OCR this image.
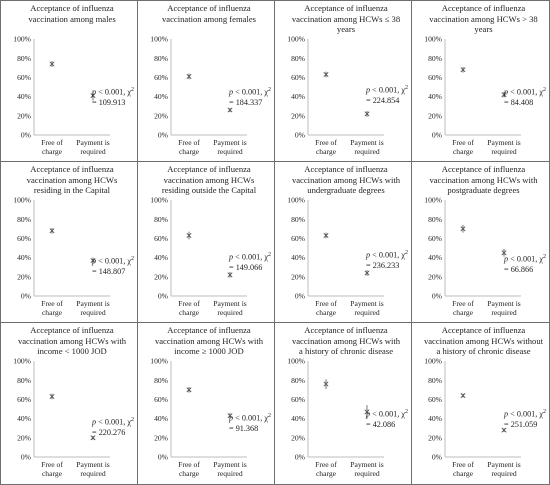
Acceptance of influenza
vaccination among males
0%
20%
40%
60%
80%
100%
Free of
charge
Payment is
required
p < 0.001, $\chi^2$
= 109.913
Acceptance of influenza
vaccination among females
0%
20%
40%
60%
80%
100%
Free of
charge
Payment is
required
p < 0.001, $\chi^2$
= 184.337
Acceptance of influenza
vaccination among HCWs ≤ 38
years
0%
20%
40%
60%
80%
100%
Free of
charge
Payment is
required
p < 0.001, $\chi^2$
= 224.854
Acceptance of influenza
vaccination among HCWs > 38
years
0%
20%
40%
60%
80%
100%
Free of
charge
Payment is
required
p < 0.001, $\chi^2$
= 84.408
Acceptance of influenza
vaccination among HCWs
residing in the Capital
0%
20%
40%
60%
80%
100%
Free of
charge
Payment is
required
p < 0.001, $\chi^2$
= 148.807
Acceptance of influenza
vaccination among HCWs
residing outside the Capital
0%
20%
40%
60%
80%
100%
Free of
charge
Payment is
required
p < 0.001, $\chi^2$
= 149.066
Acceptance of influenza
vaccination among HCWs with
undergraduate degrees
0%
20%
40%
60%
80%
100%
Free of
charge
Payment is
required
p < 0.001, $\chi^2$
= 236.233
Acceptance of influenza
vaccination among HCWs with
postgraduate degrees
0%
20%
40%
60%
80%
100%
Free of
charge
Payment is
required
p < 0.001, $\chi^2$
= 66.866
Acceptance of influenza
vaccination among HCWs with
income < 1000 JOD
0%
20%
40%
60%
80%
100%
Free of
charge
Payment is
required
p < 0.001, $\chi^2$
= 220.276
Acceptance of influenza
vaccination among HCWs with
income ≥ 1000 JOD
0%
20%
40%
60%
80%
100%
Free of
charge
Payment is
required
p < 0.001, $\chi^2$
= 91.368
Acceptance of influenza
vaccination among HCWs with
a history of chronic disease
0%
20%
40%
60%
80%
100%
Free of
charge
Payment is
required
p < 0.001, $\chi^2$
= 42.086
Acceptance of influenza
vaccination among HCWs without
a history of chronic disease
0%
20%
40%
60%
80%
100%
Free of
charge
Payment is
required
p < 0.001, $\chi^2$
= 251.059
